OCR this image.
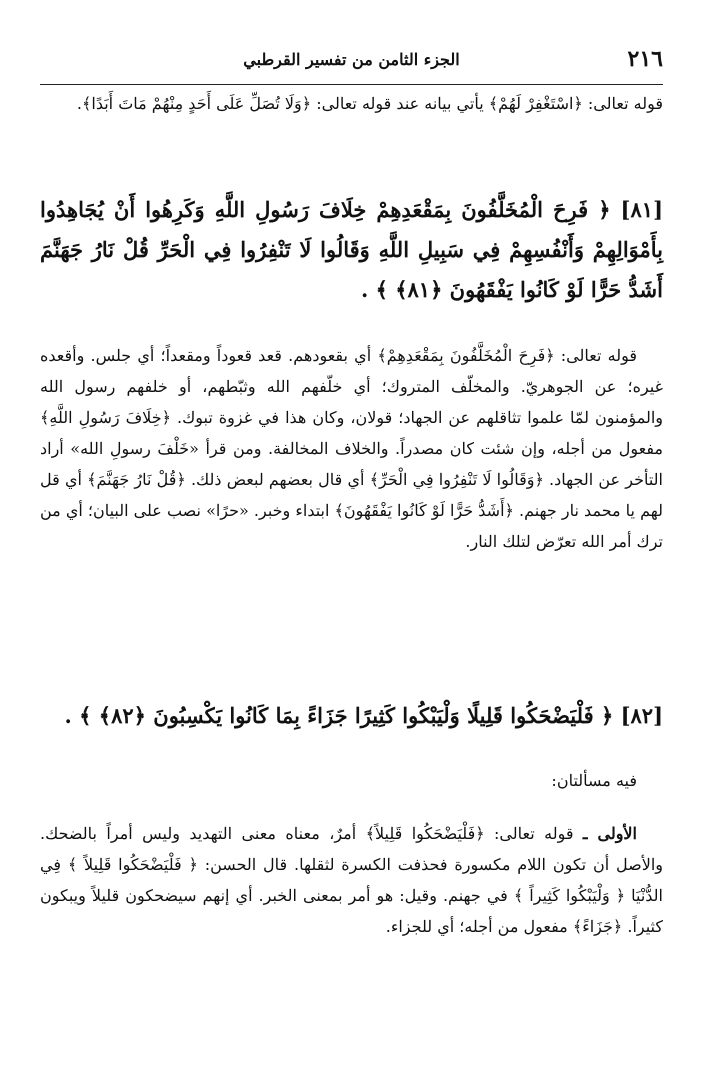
٢١٦
الجزء الثامن من تفسير القرطبي
قوله تعالى: ﴿اسْتَغْفِرْ لَهُمْ﴾ يأتي بيانه عند قوله تعالى: ﴿وَلَا تُصَلِّ عَلَى أَحَدٍ مِنْهُمْ مَاتَ أَبَدًا﴾.
[٨١] ﴿ فَرِحَ الْمُخَلَّفُونَ بِمَقْعَدِهِمْ خِلَافَ رَسُولِ اللَّهِ وَكَرِهُوا أَنْ يُجَاهِدُوا بِأَمْوَالِهِمْ وَأَنْفُسِهِمْ فِي سَبِيلِ اللَّهِ وَقَالُوا لَا تَنْفِرُوا فِي الْحَرِّ قُلْ نَارُ جَهَنَّمَ أَشَدُّ حَرًّا لَوْ كَانُوا يَفْقَهُونَ ﴿٨١﴾ ﴾ .
قوله تعالى: ﴿فَرِحَ الْمُخَلَّفُونَ بِمَقْعَدِهِمْ﴾ أي بقعودهم. قعد قعوداً ومقعداً؛ أي جلس. وأقعده غيره؛ عن الجوهريّ. والمخلّف المتروك؛ أي خلّفهم الله وثبّطهم، أو خلفهم رسول الله والمؤمنون لمّا علموا تثاقلهم عن الجهاد؛ قولان، وكان هذا في غزوة تبوك. ﴿خِلَافَ رَسُولِ اللَّهِ﴾ مفعول من أجله، وإن شئت كان مصدراً. والخلاف المخالفة. ومن قرأ «خَلْفَ رسولِ الله» أراد التأخر عن الجهاد. ﴿وَقَالُوا لَا تَنْفِرُوا فِي الْحَرِّ﴾ أي قال بعضهم لبعض ذلك. ﴿قُلْ نَارُ جَهَنَّمَ﴾ أي قل لهم يا محمد نار جهنم. ﴿أَشَدُّ حَرًّا لَوْ كَانُوا يَفْقَهُونَ﴾ ابتداء وخبر. «حرًا» نصب على البيان؛ أي من ترك أمر الله تعرّض لتلك النار.
[٨٢] ﴿ فَلْيَضْحَكُوا قَلِيلًا وَلْيَبْكُوا كَثِيرًا جَزَاءً بِمَا كَانُوا يَكْسِبُونَ ﴿٨٢﴾ ﴾ .
فيه مسألتان:
الأولى ـ قوله تعالى: ﴿فَلْيَضْحَكُوا قَلِيلاً﴾ أمرٌ، معناه معنى التهديد وليس أمراً بالضحك. والأصل أن تكون اللام مكسورة فحذفت الكسرة لثقلها. قال الحسن: ﴿ فَلْيَضْحَكُوا قَلِيلاً ﴾ فِي الدُّنْيَا ﴿ وَلْيَبْكُوا كَثِيراً ﴾ في جهنم. وقيل: هو أمر بمعنى الخبر. أي إنهم سيضحكون قليلاً ويبكون كثيراً. ﴿جَزَاءً﴾ مفعول من أجله؛ أي للجزاء.
